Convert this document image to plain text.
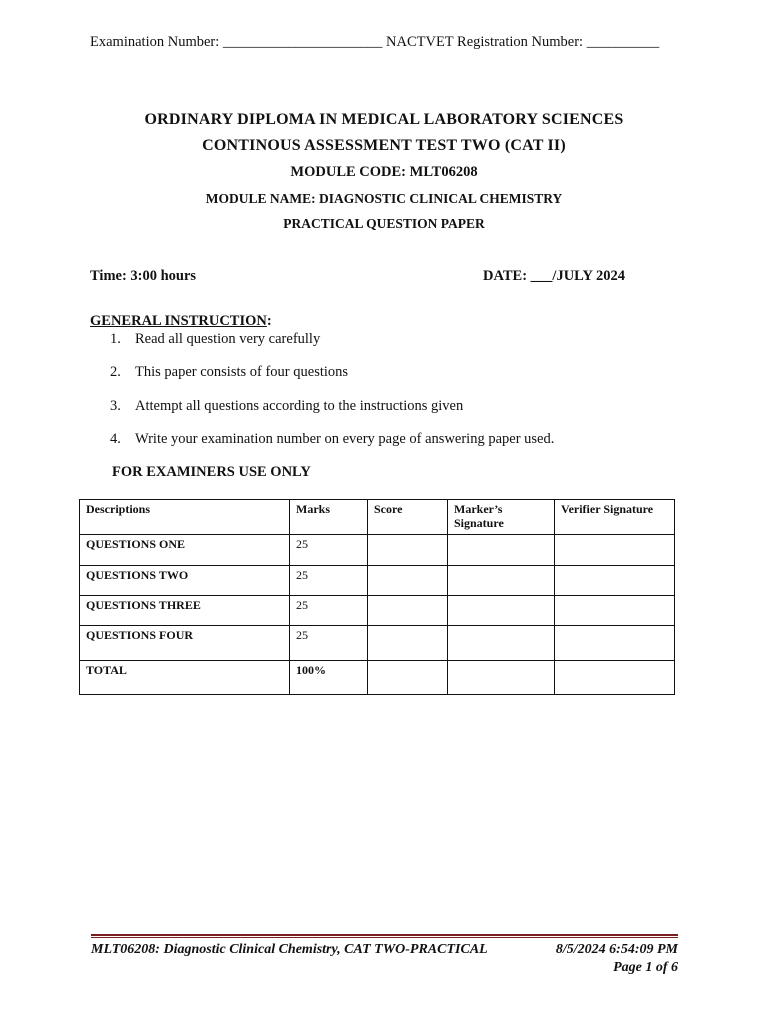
Examination Number: ______________________ NACTVET Registration Number: __________
ORDINARY DIPLOMA IN MEDICAL LABORATORY SCIENCES
CONTINOUS ASSESSMENT TEST TWO (CAT II)
MODULE CODE: MLT06208
MODULE NAME: DIAGNOSTIC CLINICAL CHEMISTRY
PRACTICAL QUESTION PAPER
Time: 3:00 hours	DATE: ___/JULY 2024
GENERAL INSTRUCTION:
1. Read all question very carefully
2. This paper consists of four questions
3. Attempt all questions according to the instructions given
4. Write your examination number on every page of answering paper used.
FOR EXAMINERS USE ONLY
Descriptions	Marks	Score	Marker’s Signature	Verifier Signature
QUESTIONS ONE	25			
QUESTIONS TWO	25			
QUESTIONS THREE	25			
QUESTIONS FOUR	25			
TOTAL	100%			
MLT06208: Diagnostic Clinical Chemistry, CAT TWO-PRACTICAL	8/5/2024 6:54:09 PM
Page 1 of 6
